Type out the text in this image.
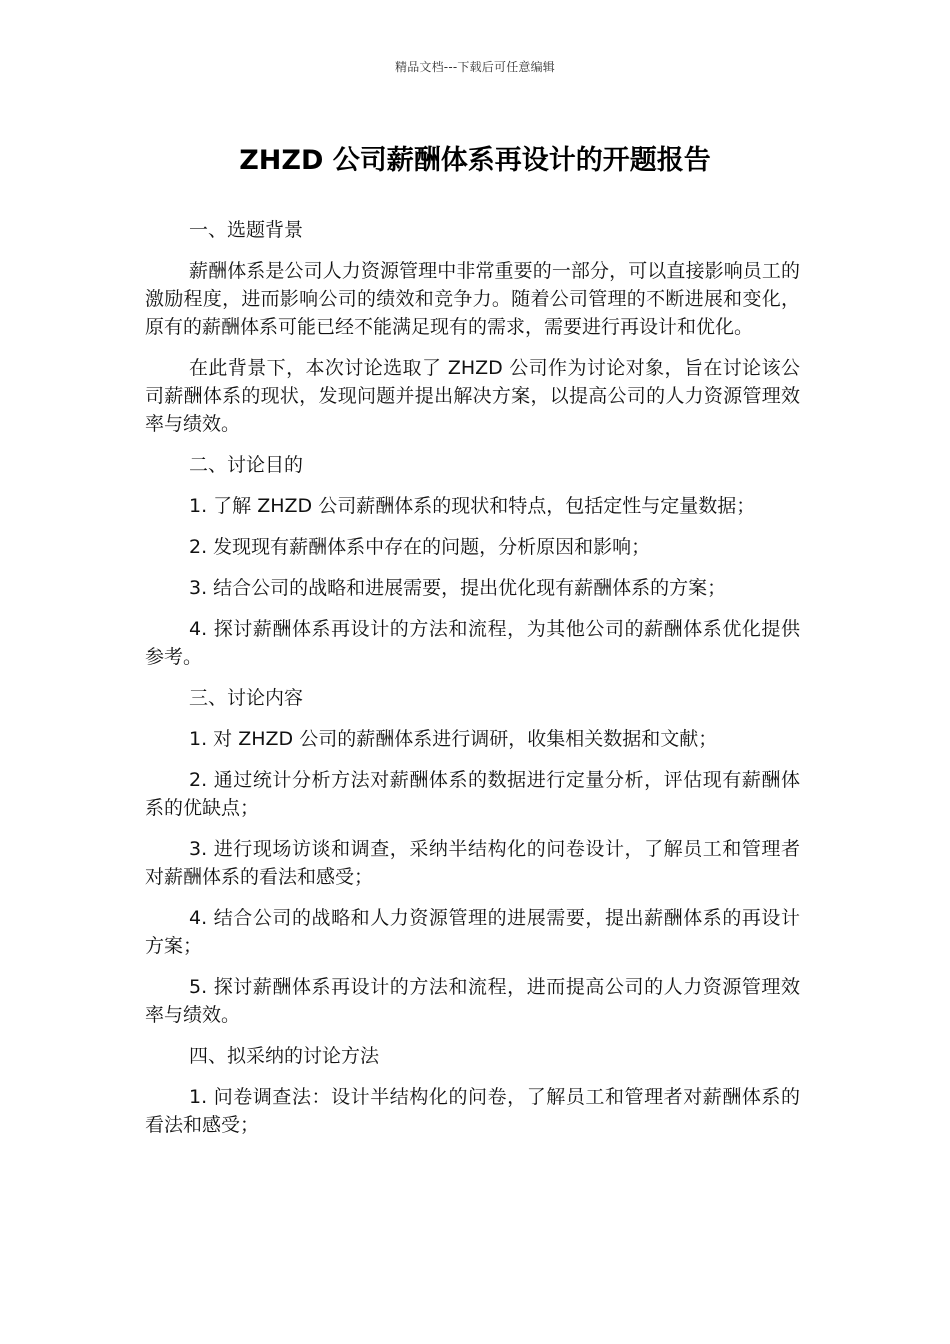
精品文档---下载后可任意编辑
ZHZD 公司薪酬体系再设计的开题报告

一、选题背景

薪酬体系是公司人力资源管理中非常重要的一部分，可以直接影响员工的激励程度，进而影响公司的绩效和竞争力。随着公司管理的不断进展和变化，原有的薪酬体系可能已经不能满足现有的需求，需要进行再设计和优化。

在此背景下，本次讨论选取了 ZHZD 公司作为讨论对象，旨在讨论该公司薪酬体系的现状，发现问题并提出解决方案，以提高公司的人力资源管理效率与绩效。

二、讨论目的

1. 了解 ZHZD 公司薪酬体系的现状和特点，包括定性与定量数据；

2. 发现现有薪酬体系中存在的问题，分析原因和影响；

3. 结合公司的战略和进展需要，提出优化现有薪酬体系的方案；

4. 探讨薪酬体系再设计的方法和流程，为其他公司的薪酬体系优化提供参考。

三、讨论内容

1. 对 ZHZD 公司的薪酬体系进行调研，收集相关数据和文献；

2. 通过统计分析方法对薪酬体系的数据进行定量分析，评估现有薪酬体系的优缺点；

3. 进行现场访谈和调查，采纳半结构化的问卷设计，了解员工和管理者对薪酬体系的看法和感受；

4. 结合公司的战略和人力资源管理的进展需要，提出薪酬体系的再设计方案；

5. 探讨薪酬体系再设计的方法和流程，进而提高公司的人力资源管理效率与绩效。

四、拟采纳的讨论方法

1. 问卷调查法：设计半结构化的问卷，了解员工和管理者对薪酬体系的看法和感受；
